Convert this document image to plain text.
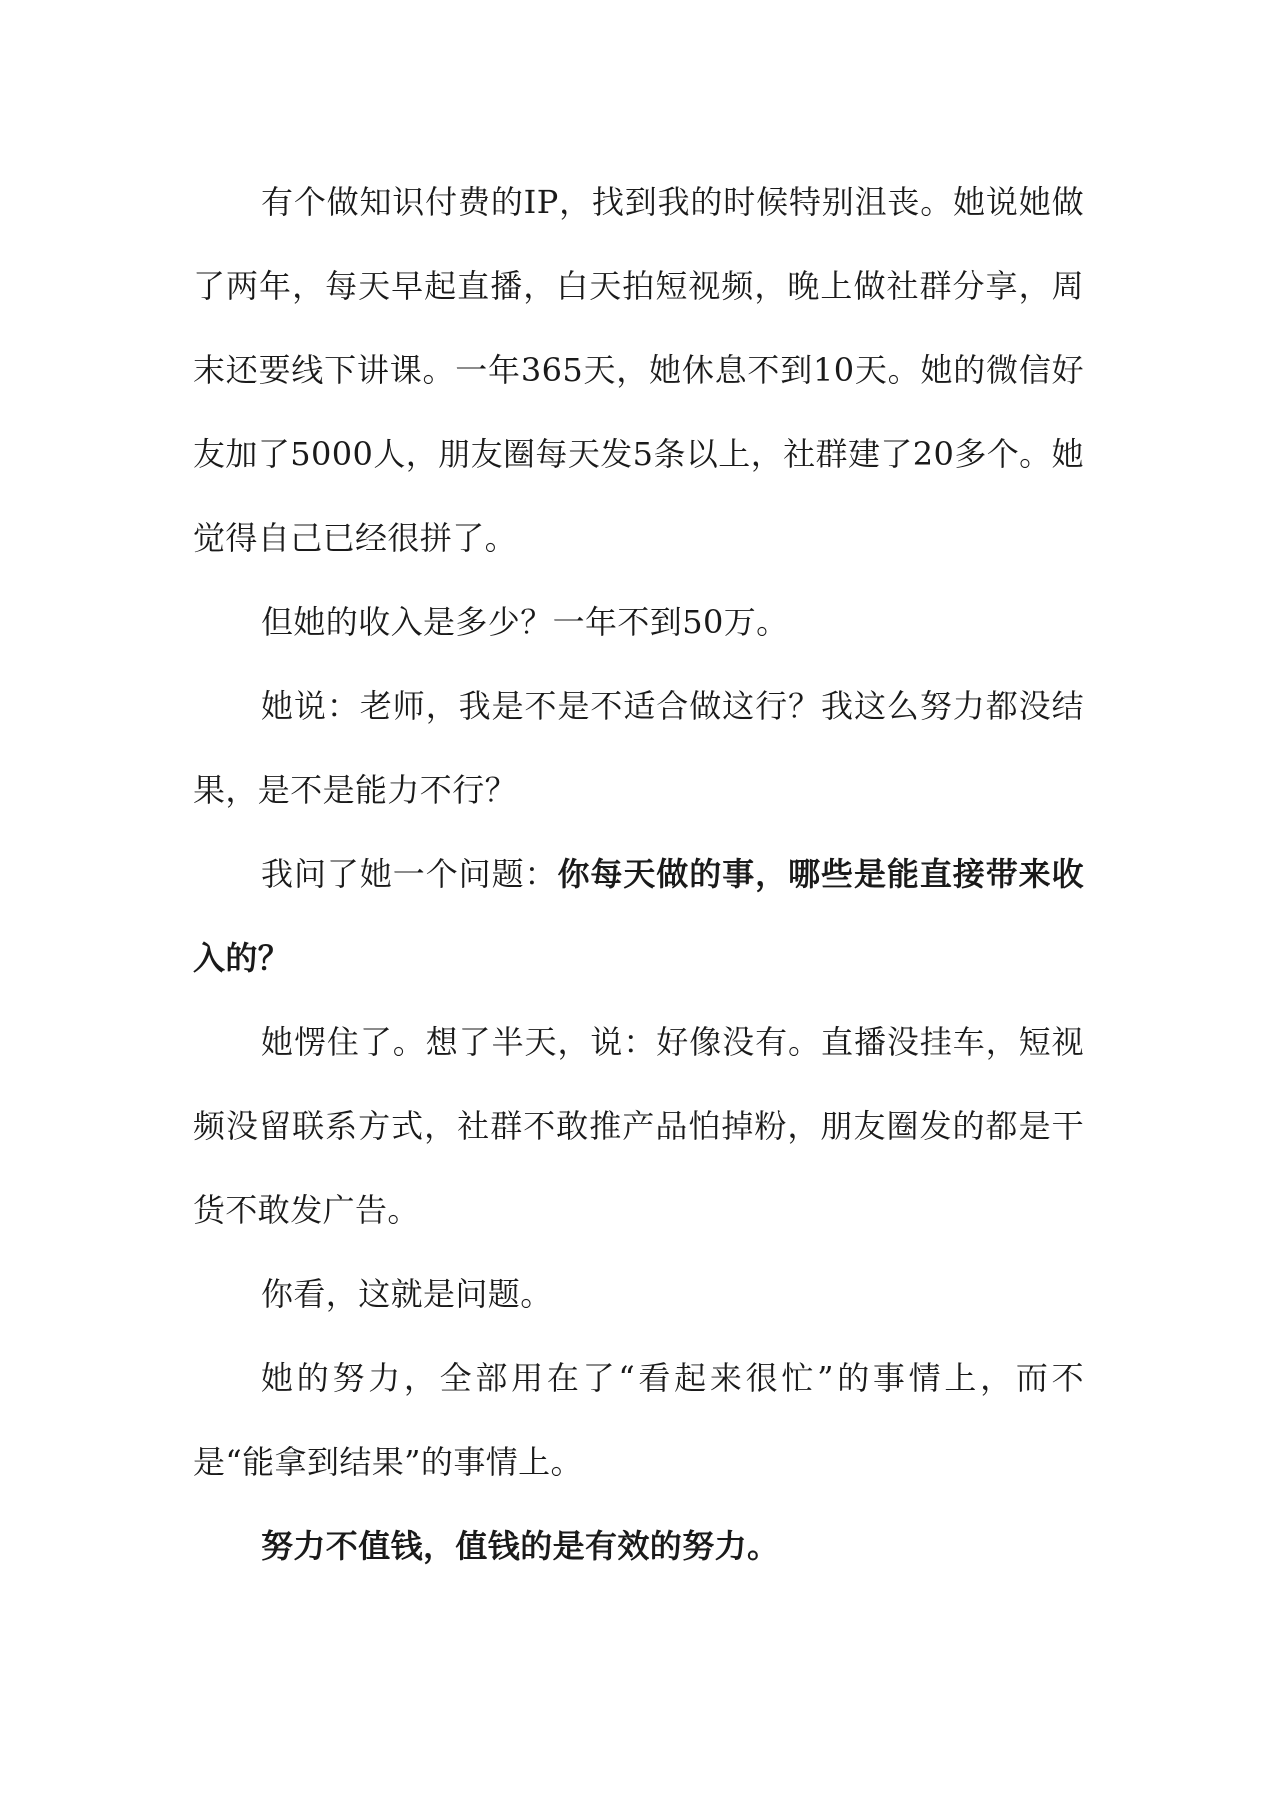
有个做知识付费的IP，找到我的时候特别沮丧。她说她做了两年，每天早起直播，白天拍短视频，晚上做社群分享，周末还要线下讲课。一年365天，她休息不到10天。她的微信好友加了5000人，朋友圈每天发5条以上，社群建了20多个。她觉得自己已经很拼了。

但她的收入是多少？一年不到50万。

她说：老师，我是不是不适合做这行？我这么努力都没结果，是不是能力不行？

我问了她一个问题：你每天做的事，哪些是能直接带来收入的？

她愣住了。想了半天，说：好像没有。直播没挂车，短视频没留联系方式，社群不敢推产品怕掉粉，朋友圈发的都是干货不敢发广告。

你看，这就是问题。

她的努力，全部用在了“看起来很忙”的事情上，而不是“能拿到结果”的事情上。

努力不值钱，值钱的是有效的努力。
